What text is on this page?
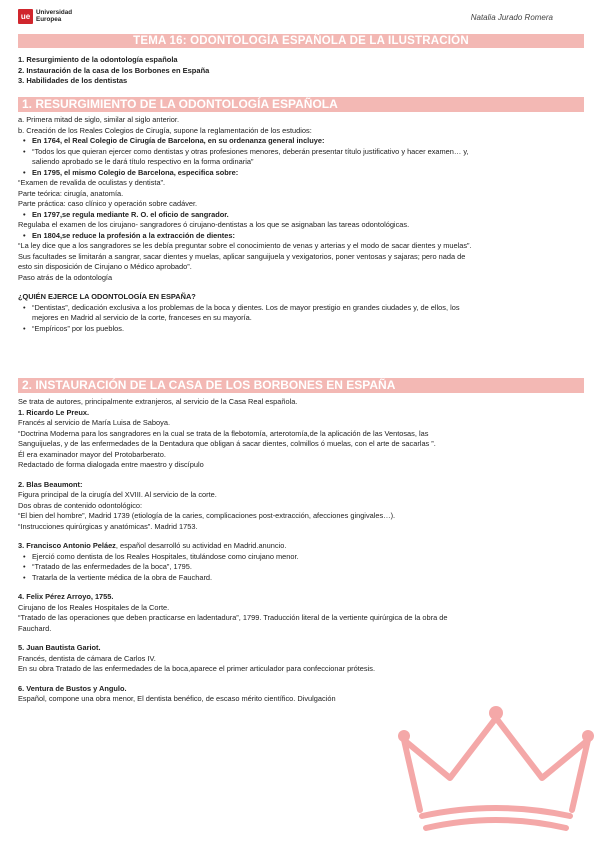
ue Universidad
Europea	Natalia Jurado Romera
TEMA 16: ODONTOLOGÍA ESPAÑOLA DE LA ILUSTRACIÓN
1. Resurgimiento de la odontología española
2. Instauración de la casa de los Borbones en España
3. Habilidades de los dentistas
1. RESURGIMIENTO DE LA ODONTOLOGÍA ESPAÑOLA

a. Primera mitad de siglo, similar al siglo anterior.

b. Creación de los Reales Colegios de Cirugía, supone la reglamentación de los estudios:

• En 1764, el Real Colegio de Cirugía de Barcelona, en su ordenanza general incluye:

• “Todos los que quieran ejercer como dentistas y otras profesiones menores, deberán presentar título justificativo y hacer examen… y,
saliendo aprobado se le dará título respectivo en la forma ordinaria”

• En 1795, el mismo Colegio de Barcelona, especifica sobre:

“Examen de revalida de oculistas y dentista”.

Parte teórica: cirugía, anatomía.

Parte práctica: caso clínico y operación sobre cadáver.

• En 1797,se regula mediante R. O. el oficio de sangrador.

Regulaba el examen de los cirujano- sangradores ó cirujano-dentistas a los que se asignaban las tareas odontológicas.

• En 1804,se reduce la profesión a la extracción de dientes:

“La ley dice que a los sangradores se les debía preguntar sobre el conocimiento de venas y arterias y el modo de sacar dientes y muelas”.

Sus facultades se limitarán a sangrar, sacar dientes y muelas, aplicar sanguijuela y vexigatorios, poner ventosas y sajaras; pero nada de

esto sin disposición de Cirujano o Médico aprobado”.

Paso atrás de la odontología

¿QUIÉN EJERCE LA ODONTOLOGÍA EN ESPAÑA?

• “Dentistas”, dedicación exclusiva a los problemas de la boca y dientes. Los de mayor prestigio en grandes ciudades y, de ellos, los
mejores en Madrid al servicio de la corte, franceses en su mayoría.

• “Empíricos” por los pueblos.

2. INSTAURACIÓN DE LA CASA DE LOS BORBONES EN ESPAÑA

Se trata de autores, principalmente extranjeros, al servicio de la Casa Real española.

1. Ricardo Le Preux.

Francés al servicio de María Luisa de Saboya.

“Doctrina Moderna para los sangradores en la cual se trata de la flebotomía, arterotomía,de la aplicación de las Ventosas, las

Sanguijuelas, y de las enfermedades de la Dentadura que obligan á sacar dientes, colmillos ó muelas, con el arte de sacarlas ”.

Él era examinador mayor del Protobarberato.

Redactado de forma dialogada entre maestro y discípulo

2. Blas Beaumont:

Figura principal de la cirugía del XVIII. Al servicio de la corte.

Dos obras de contenido odontológico:

“El bien del hombre”, Madrid 1739 (etiología de la caries, complicaciones post-extracción, afecciones gingivales…).

“Instrucciones quirúrgicas y anatómicas”. Madrid 1753.

3. Francisco Antonio Peláez, español desarrolló su actividad en Madrid.anuncio.

• Ejerció como dentista de los Reales Hospitales, titulándose como cirujano menor.

• “Tratado de las enfermedades de la boca”, 1795.

• Tratarla de la vertiente médica de la obra de Fauchard.

4. Felix Pérez Arroyo, 1755.

Cirujano de los Reales Hospitales de la Corte.

“Tratado de las operaciones que deben practicarse en ladentadura”, 1799. Traducción literal de la vertiente quirúrgica de la obra de

Fauchard.

5. Juan Bautista Gariot.

Francés, dentista de cámara de Carlos IV.

En su obra Tratado de las enfermedades de la boca,aparece el primer articulador para confeccionar prótesis.

6. Ventura de Bustos y Angulo.

Español, compone una obra menor, El dentista benéfico, de escaso mérito científico. Divulgación
